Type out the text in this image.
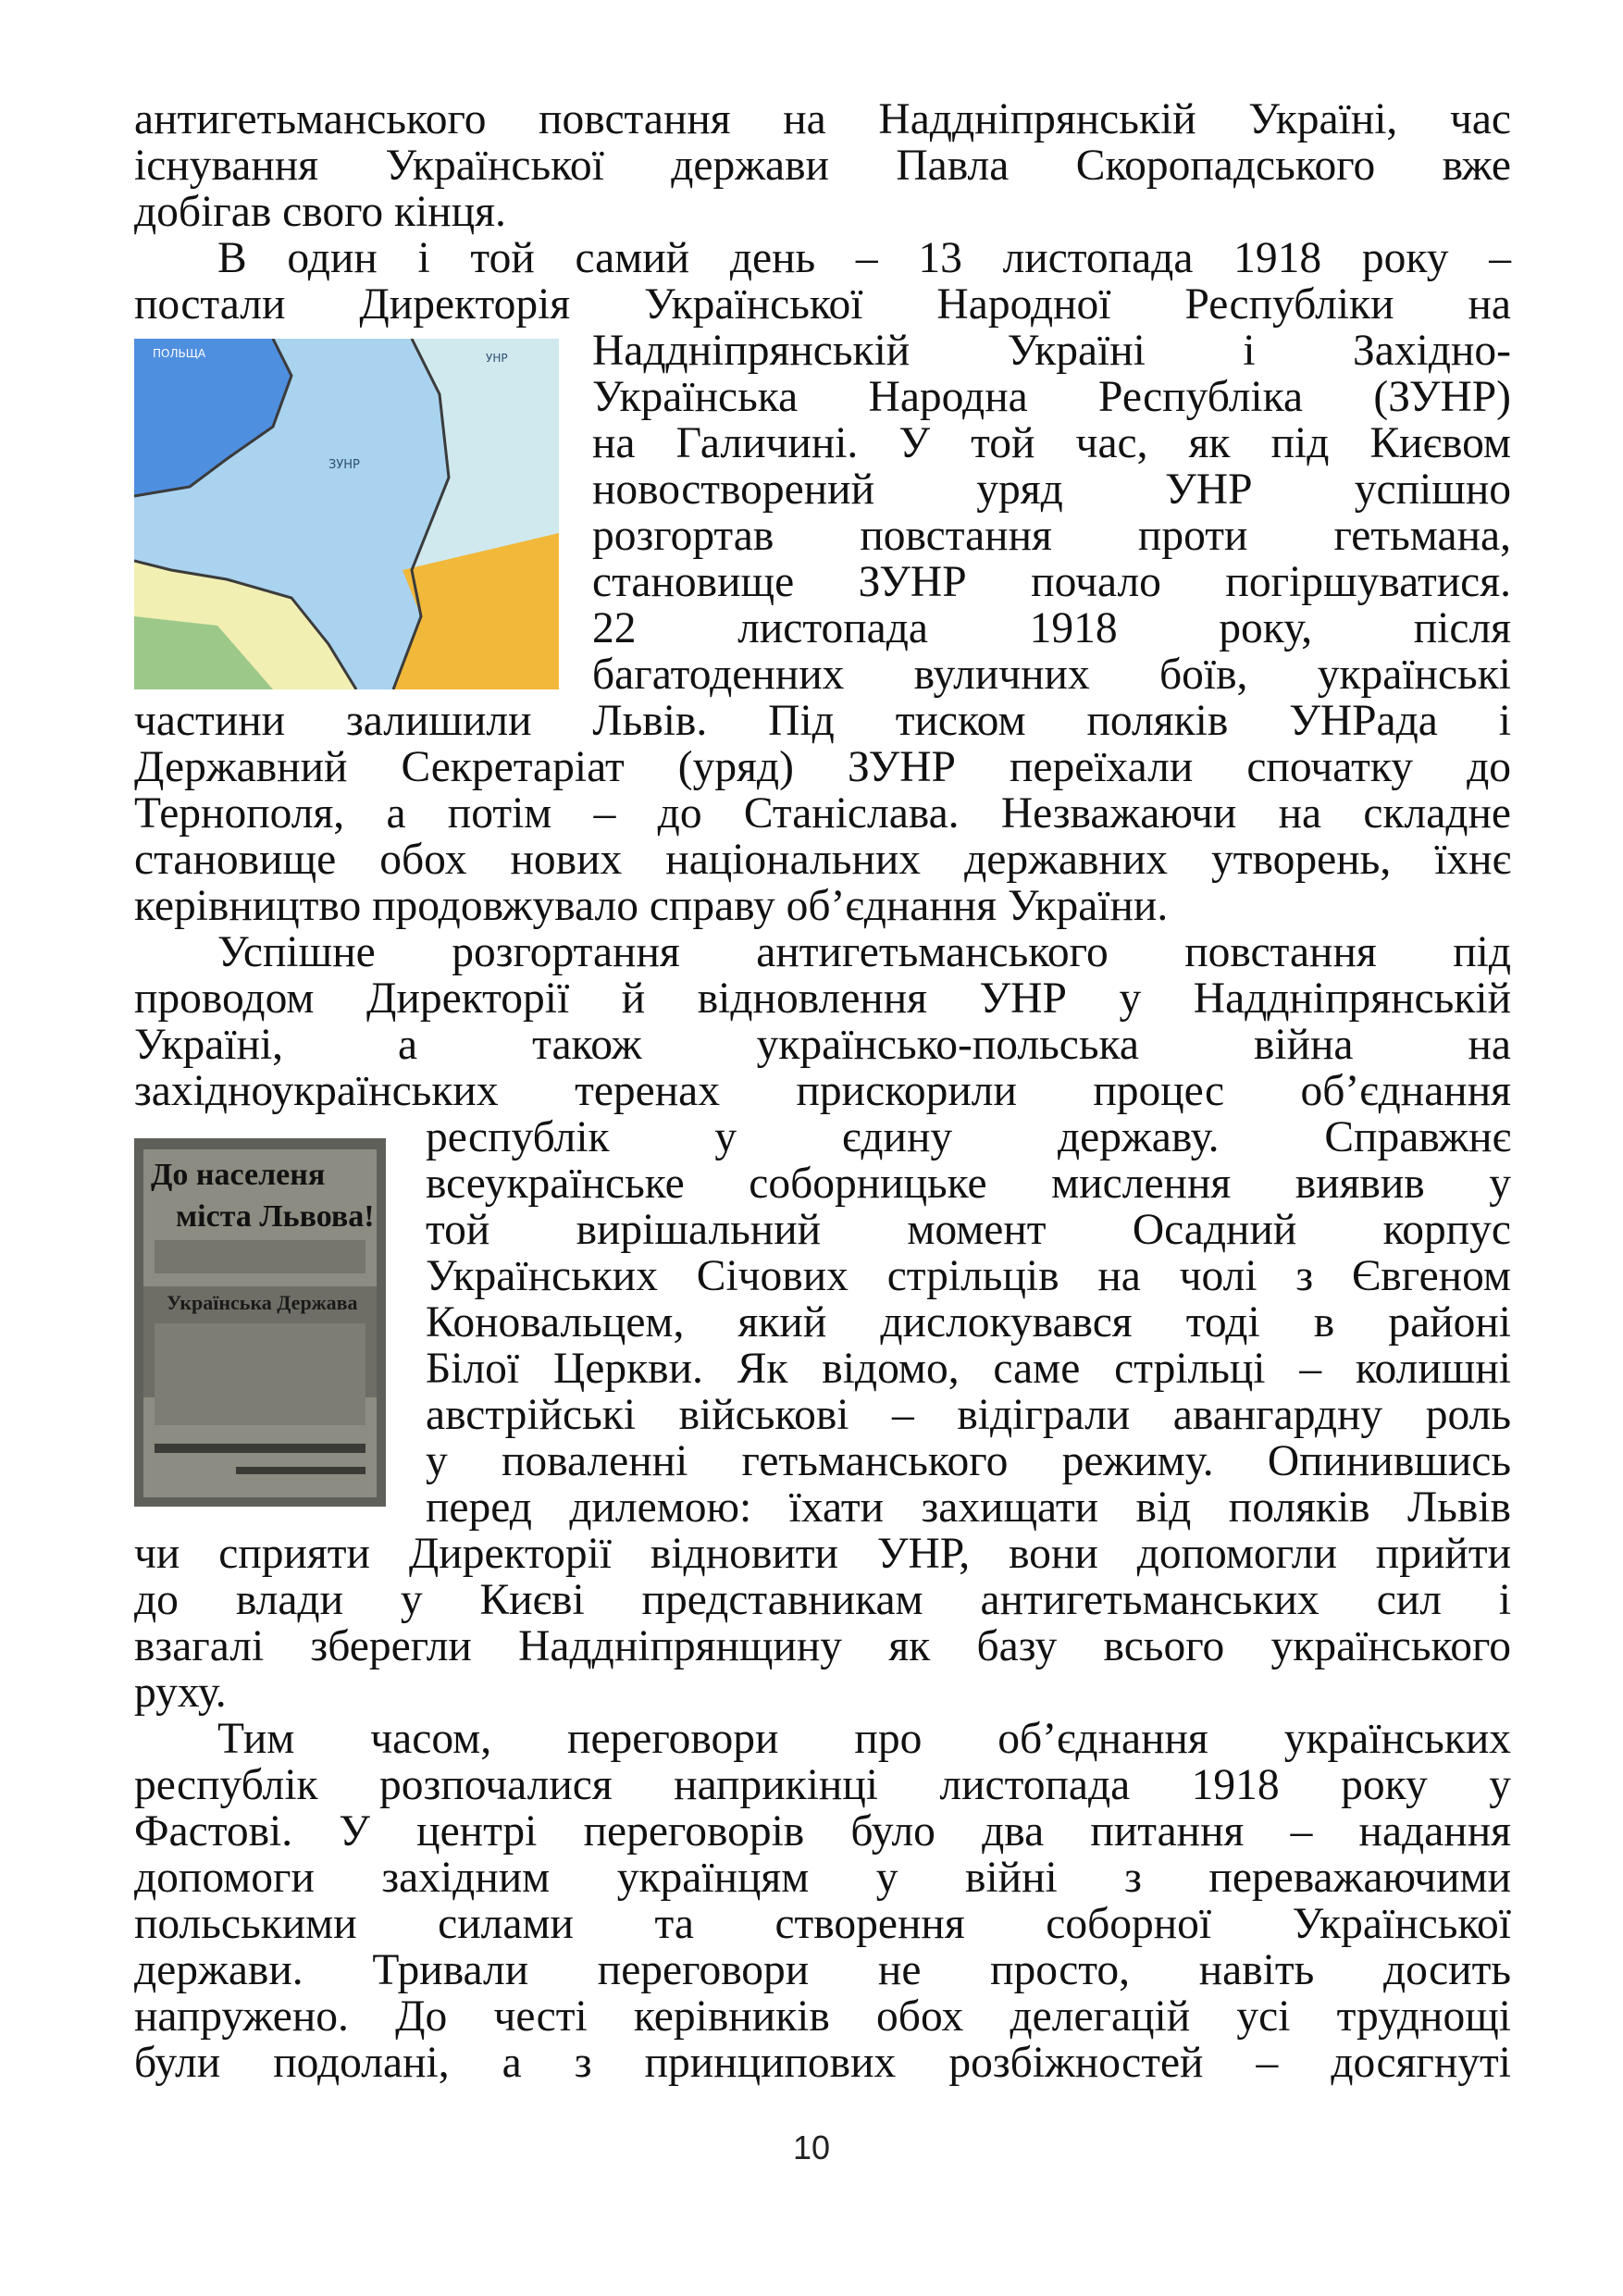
антигетьманського повстання на Наддніпрянській Україні, час
існування Української держави Павла Скоропадського вже
добігав свого кінця.
В один і той самий день – 13 листопада 1918 року –
постали Директорія Української Народної Республіки на
Наддніпрянській Україні і Західно-
Українська Народна Республіка (ЗУНР)
на Галичині. У той час, як під Києвом
новостворений уряд УНР успішно
розгортав повстання проти гетьмана,
становище ЗУНР почало погіршуватися.
22 листопада 1918 року, після
багатоденних вуличних боїв, українські
частини залишили Львів. Під тиском поляків УНРада і
Державний Секретаріат (уряд) ЗУНР переїхали спочатку до
Тернополя, а потім – до Станіслава. Незважаючи на складне
становище обох нових національних державних утворень, їхнє
керівництво продовжувало справу об’єднання України.
Успішне розгортання антигетьманського повстання під
проводом Директорії й відновлення УНР у Наддніпрянській
Україні, а також українсько-польська війна на
західноукраїнських теренах прискорили процес об’єднання
республік у єдину державу. Справжнє
всеукраїнське соборницьке мислення виявив у
той вирішальний момент Осадний корпус
Українських Січових стрільців на чолі з Євгеном
Коновальцем, який дислокувався тоді в районі
Білої Церкви. Як відомо, саме стрільці – колишні
австрійські військові – відіграли авангардну роль
у поваленні гетьманського режиму. Опинившись
перед дилемою: їхати захищати від поляків Львів
чи сприяти Директорії відновити УНР, вони допомогли прийти
до влади у Києві представникам антигетьманських сил і
взагалі зберегли Наддніпрянщину як базу всього українського
руху.
Тим часом, переговори про об’єднання українських
республік розпочалися наприкінці листопада 1918 року у
Фастові. У центрі переговорів було два питання – надання
допомоги західним українцям у війні з переважаючими
польськими силами та створення соборної Української
держави. Тривали переговори не просто, навіть досить
напружено. До честі керівників обох делегацій усі труднощі
були подолані, а з принципових розбіжностей – досягнуті
ПОЛЬЩА	УНР
ЗУНР
До населеня
міста Львова!
Українська Держава
10
